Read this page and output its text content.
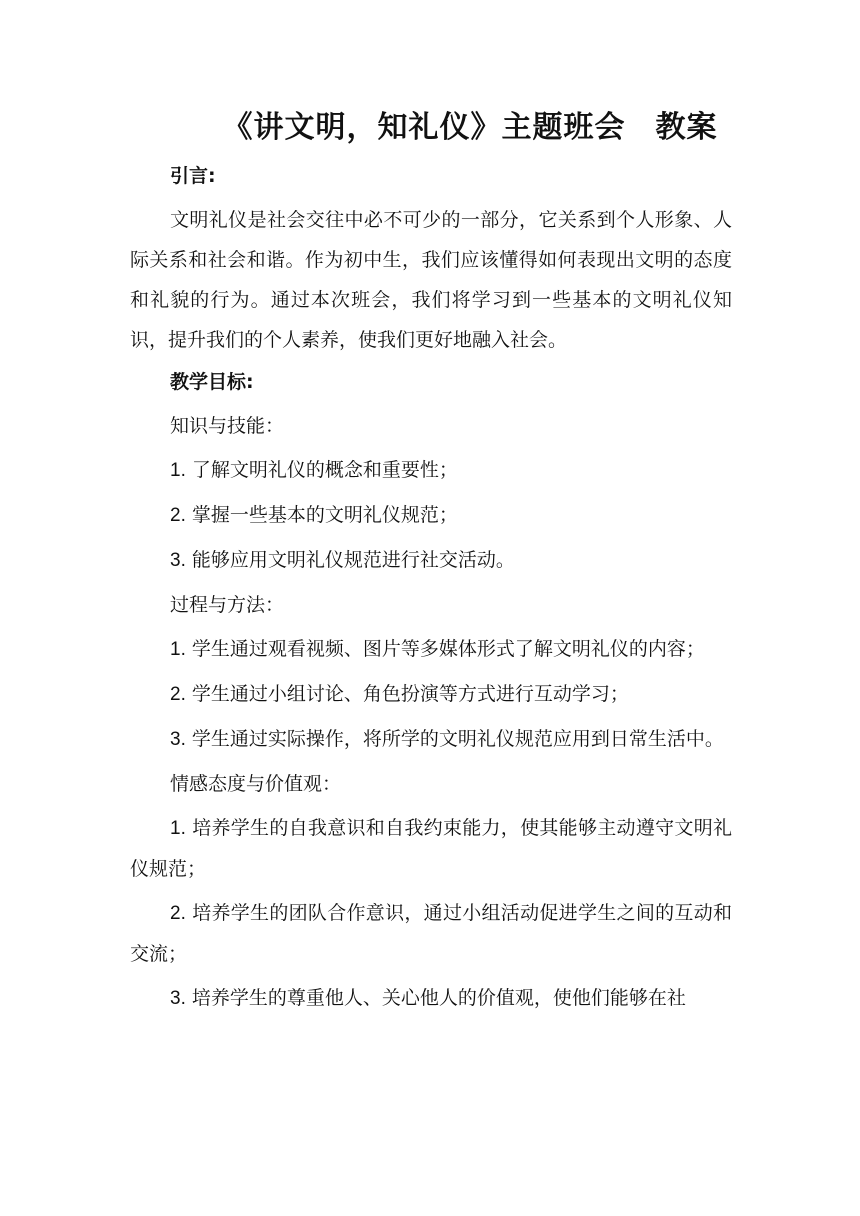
《讲文明，知礼仪》主题班会 教案
引言:
文明礼仪是社会交往中必不可少的一部分，它关系到个人形象、人际关系和社会和谐。作为初中生，我们应该懂得如何表现出文明的态度和礼貌的行为。通过本次班会，我们将学习到一些基本的文明礼仪知识，提升我们的个人素养，使我们更好地融入社会。
教学目标:
知识与技能：
1. 了解文明礼仪的概念和重要性；
2. 掌握一些基本的文明礼仪规范；
3. 能够应用文明礼仪规范进行社交活动。
过程与方法：
1. 学生通过观看视频、图片等多媒体形式了解文明礼仪的内容；
2. 学生通过小组讨论、角色扮演等方式进行互动学习；
3. 学生通过实际操作，将所学的文明礼仪规范应用到日常生活中。
情感态度与价值观：
1. 培养学生的自我意识和自我约束能力，使其能够主动遵守文明礼仪规范；
2. 培养学生的团队合作意识，通过小组活动促进学生之间的互动和交流；
3. 培养学生的尊重他人、关心他人的价值观，使他们能够在社
